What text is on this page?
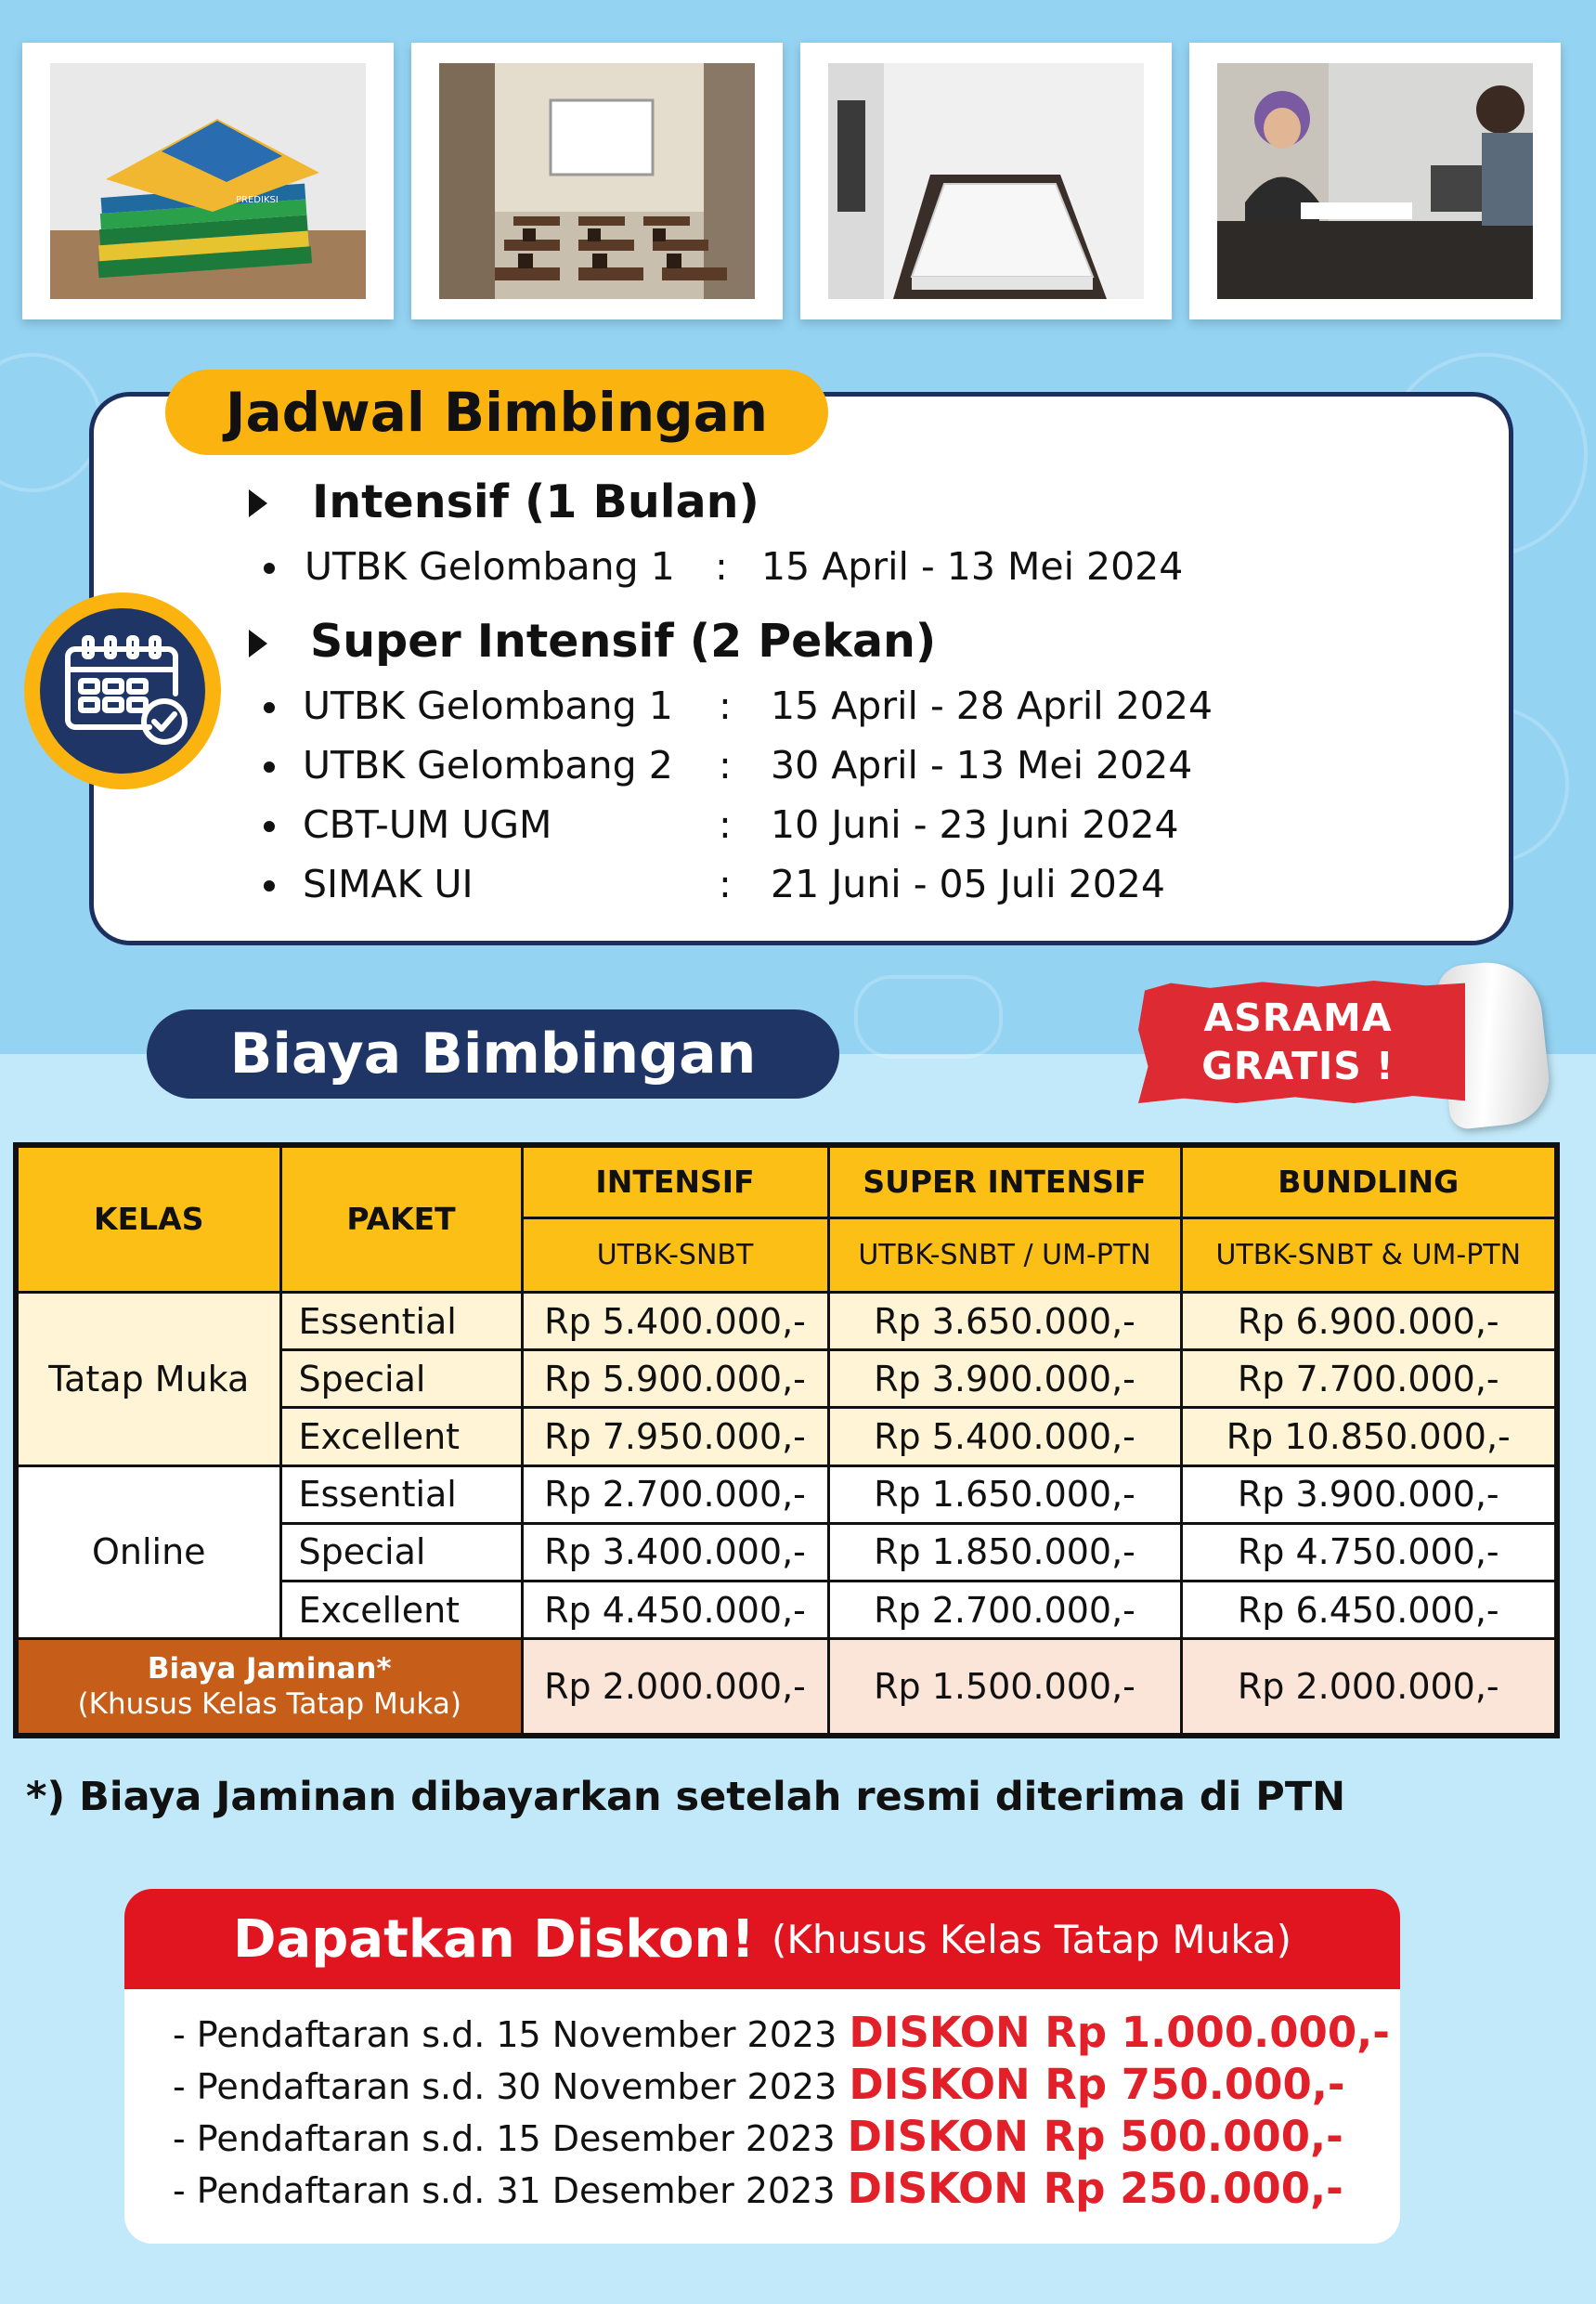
PREDIKSI
Jadwal Bimbingan
Intensif (1 Bulan)
UTBK Gelombang 1 : 15 April - 13 Mei 2024
Super Intensif (2 Pekan)
UTBK Gelombang 1 : 15 April - 28 April 2024
UTBK Gelombang 2 : 30 April - 13 Mei 2024
CBT-UM UGM	: 10 Juni - 23 Juni 2024
SIMAK UI	: 21 Juni - 05 Juli 2024
Biaya Bimbingan
ASRAMA
GRATIS !
KELAS	PAKET	INTENSIF	SUPER INTENSIF	BUNDLING
		UTBK-SNBT	UTBK-SNBT / UM-PTN	UTBK-SNBT & UM-PTN
Tatap Muka	Essential	Rp 5.400.000,-	Rp 3.650.000,-	Rp 6.900.000,-
	Special	Rp 5.900.000,-	Rp 3.900.000,-	Rp 7.700.000,-
	Excellent	Rp 7.950.000,-	Rp 5.400.000,-	Rp 10.850.000,-
Online	Essential	Rp 2.700.000,-	Rp 1.650.000,-	Rp 3.900.000,-
	Special	Rp 3.400.000,-	Rp 1.850.000,-	Rp 4.750.000,-
	Excellent	Rp 4.450.000,-	Rp 2.700.000,-	Rp 6.450.000,-

Biaya Jaminan*
(Khusus Kelas Tatap Muka)		Rp 2.000.000,-	Rp 1.500.000,-	Rp 2.000.000,-
*) Biaya Jaminan dibayarkan setelah resmi diterima di PTN
Dapatkan Diskon! (Khusus Kelas Tatap Muka)
- Pendaftaran s.d. 15 November 2023 DISKON Rp 1.000.000,-
- Pendaftaran s.d. 30 November 2023 DISKON Rp 750.000,-
- Pendaftaran s.d. 15 Desember 2023 DISKON Rp 500.000,-
- Pendaftaran s.d. 31 Desember 2023 DISKON Rp 250.000,-
